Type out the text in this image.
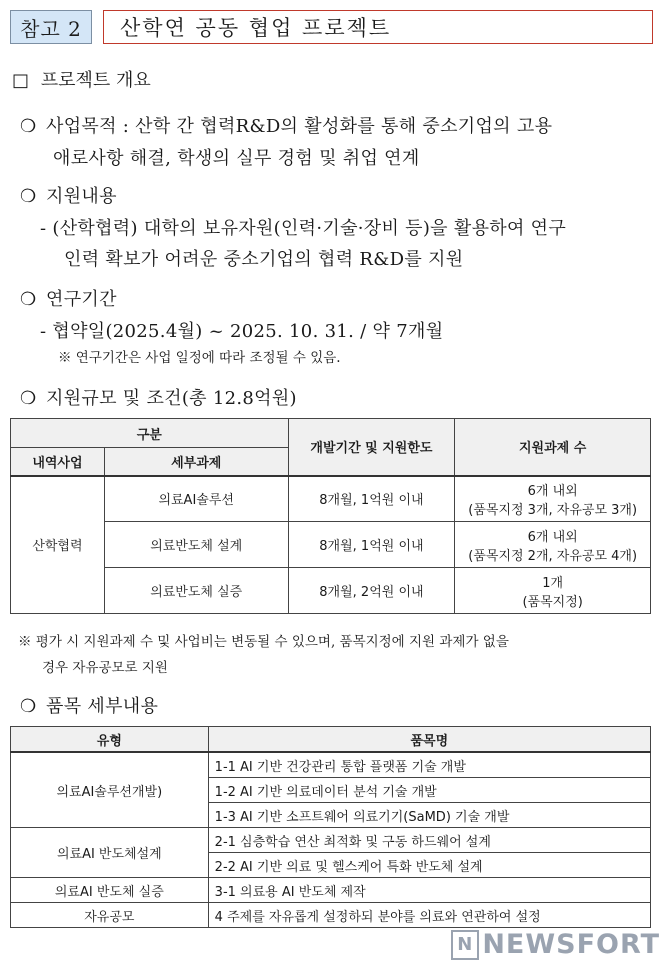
참고 2 산학연 공동 협업 프로젝트
□ 프로젝트 개요
❍ 사업목적 : 산학 간 협력R&D의 활성화를 통해 중소기업의 고용
애로사항 해결, 학생의 실무 경험 및 취업 연계
❍ 지원내용
- (산학협력) 대학의 보유자원(인력·기술·장비 등)을 활용하여 연구
인력 확보가 어려운 중소기업의 협력 R&D를 지원
❍ 연구기간
- 협약일(2025.4월) ~ 2025. 10. 31. / 약 7개월
※ 연구기간은 사업 일정에 따라 조정될 수 있음.
❍ 지원규모 및 조건(총 12.8억원)
구분		개발기간 및 지원한도	지원과제 수
내역사업	세부과제		
산학협력	의료AI솔루션	8개월, 1억원 이내	6개 내외
(품목지정 3개, 자유공모 3개)

	의료반도체 설계	8개월, 1억원 이내	6개 내외
(품목지정 2개, 자유공모 4개)

	의료반도체 실증	8개월, 2억원 이내	1개
(품목지정)
※ 평가 시 지원과제 수 및 사업비는 변동될 수 있으며, 품목지정에 지원 과제가 없을
경우 자유공모로 지원
❍ 품목 세부내용
유형	품목명
의료AI솔루션개발)	1-1 AI 기반 건강관리 통합 플랫폼 기술 개발
	1-2 AI 기반 의료데이터 분석 기술 개발
	1-3 AI 기반 소프트웨어 의료기기(SaMD) 기술 개발
의료AI 반도체설계	2-1 심층학습 연산 최적화 및 구동 하드웨어 설계
	2-2 AI 기반 의료 및 헬스케어 특화 반도체 설계
의료AI 반도체 실증	3-1 의료용 AI 반도체 제작
자유공모	4 주제를 자유롭게 설정하되 분야를 의료와 연관하여 설정
N NEWSFORT
